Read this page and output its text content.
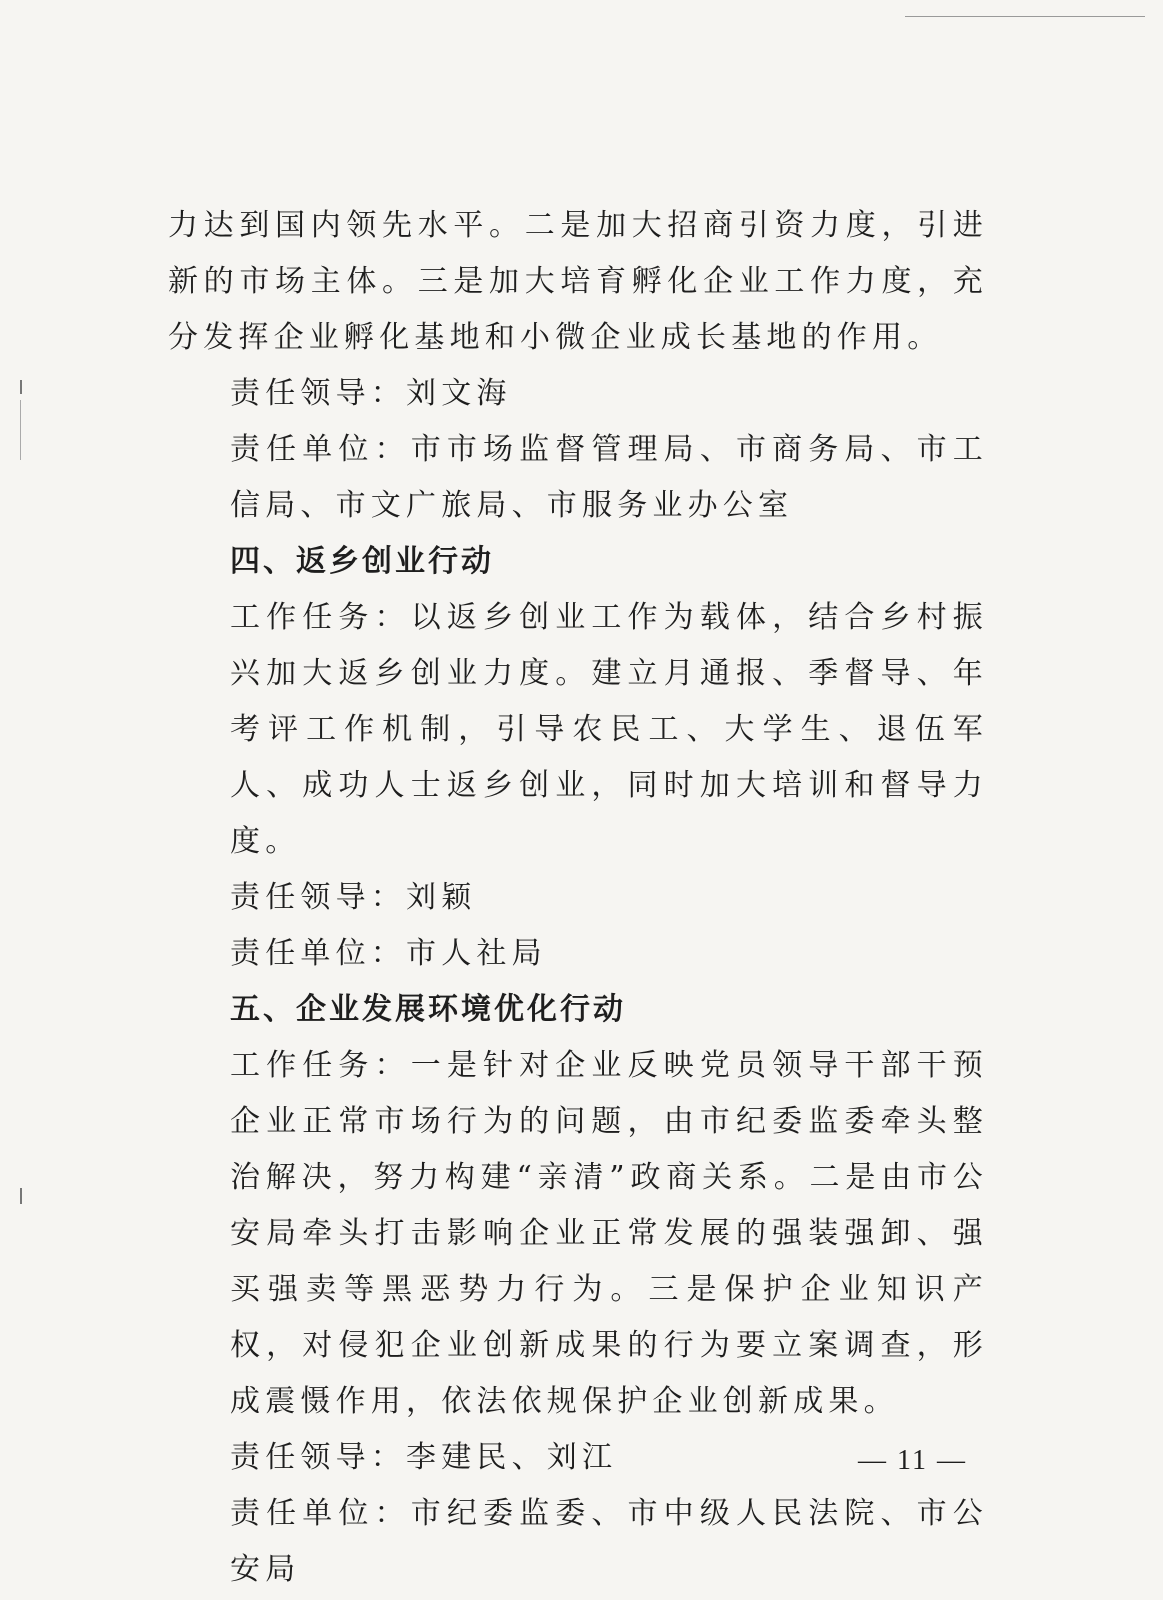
力达到国内领先水平。二是加大招商引资力度，引进新的市场主体。三是加大培育孵化企业工作力度，充分发挥企业孵化基地和小微企业成长基地的作用。

责任领导：刘文海

责任单位：市市场监督管理局、市商务局、市工信局、市文广旅局、市服务业办公室

四、返乡创业行动

工作任务：以返乡创业工作为载体，结合乡村振兴加大返乡创业力度。建立月通报、季督导、年考评工作机制，引导农民工、大学生、退伍军人、成功人士返乡创业，同时加大培训和督导力度。

责任领导：刘颖

责任单位：市人社局

五、企业发展环境优化行动

工作任务：一是针对企业反映党员领导干部干预企业正常市场行为的问题，由市纪委监委牵头整治解决，努力构建“亲清”政商关系。二是由市公安局牵头打击影响企业正常发展的强装强卸、强买强卖等黑恶势力行为。三是保护企业知识产权，对侵犯企业创新成果的行为要立案调查，形成震慑作用，依法依规保护企业创新成果。

责任领导：李建民、刘江

责任单位：市纪委监委、市中级人民法院、市公安局

— 11 —
